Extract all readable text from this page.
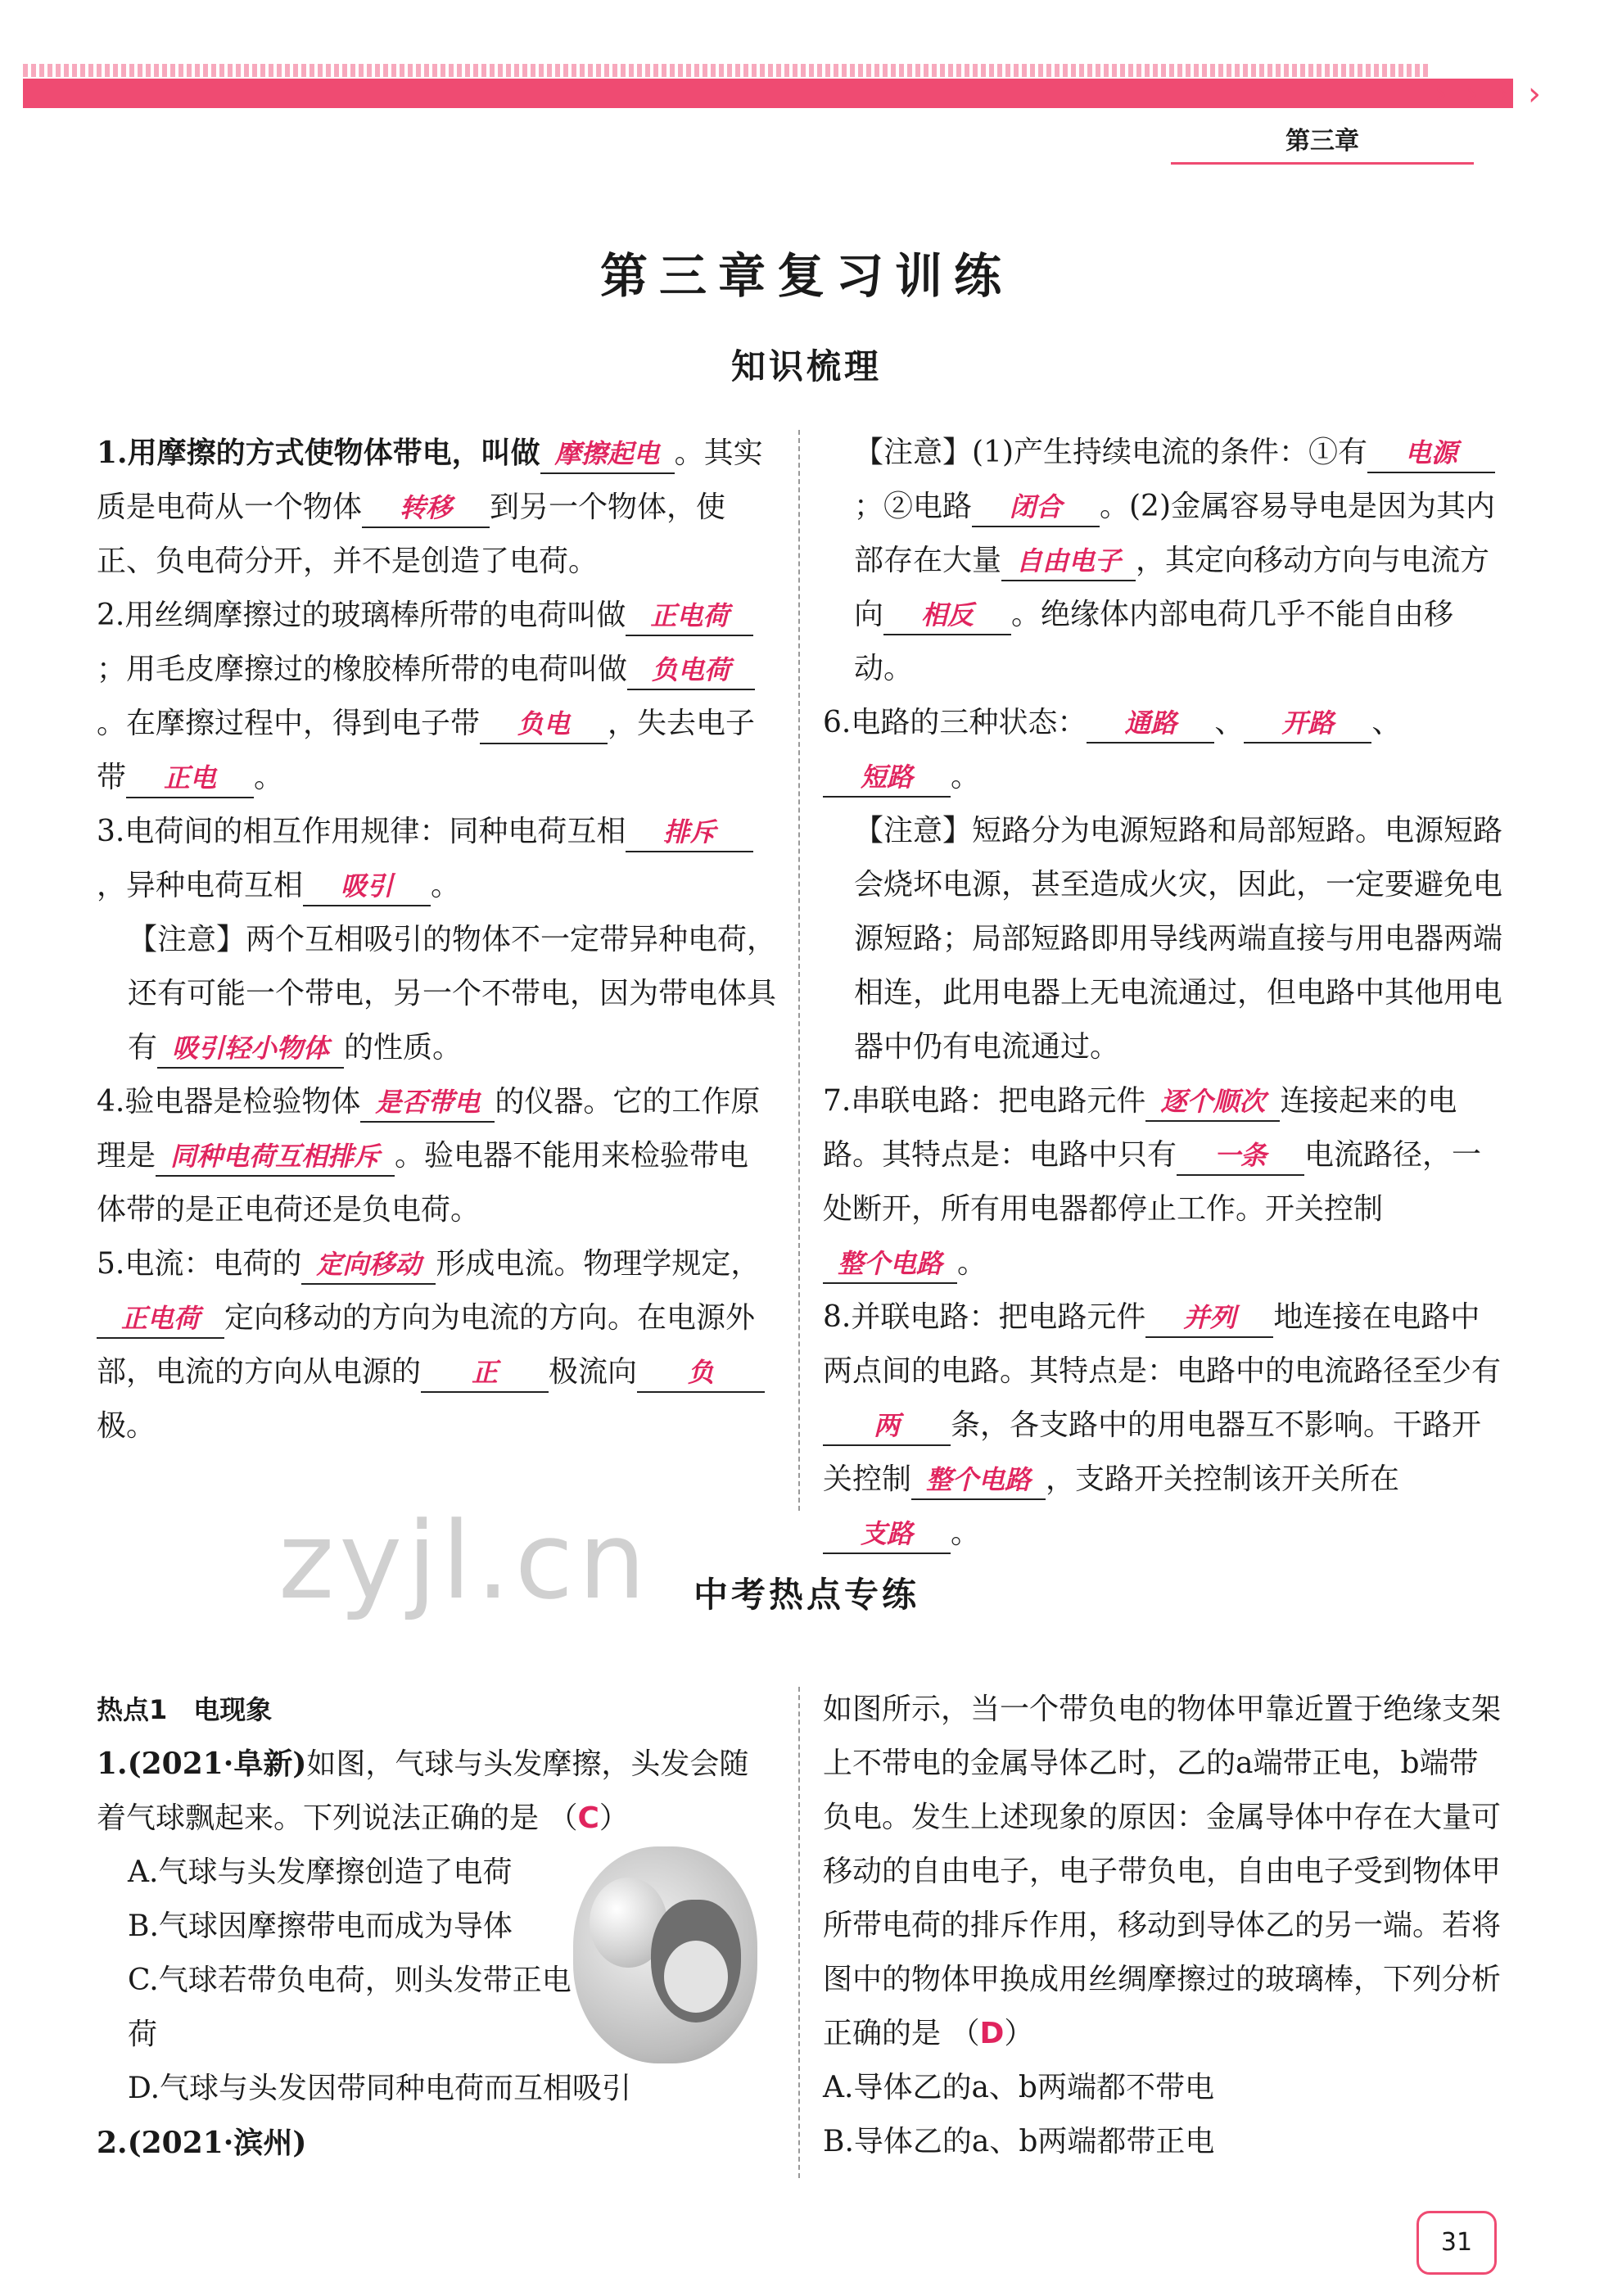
› › › ›
第三章
第三章复习训练
知识梳理

1.用摩擦的方式使物体带电，叫做 摩擦起电 。其实质是电荷从一个物体 转移 到另一个物体，使正、负电荷分开，并不是创造了电荷。

2.用丝绸摩擦过的玻璃棒所带的电荷叫做 正电荷；用毛皮摩擦过的橡胶棒所带的电荷叫做 负电荷。在摩擦过程中，得到电子带 负电 ，失去电子带 正电 。

3.电荷间的相互作用规律：同种电荷互相 排斥，异种电荷互相 吸引 。

【注意】两个互相吸引的物体不一定带异种电荷，还有可能一个带电，另一个不带电，因为带电体具有 吸引轻小物体 的性质。

4.验电器是检验物体 是否带电 的仪器。它的工作原理是 同种电荷互相排斥 。验电器不能用来检验带电体带的是正电荷还是负电荷。

5.电流：电荷的 定向移动 形成电流。物理学规定，正电荷 定向移动的方向为电流的方向。在电源外部，电流的方向从电源的 正 极流向 负极。

【注意】(1)产生持续电流的条件：①有 电源；②电路 闭合 。(2)金属容易导电是因为其内部存在大量 自由电子 ，其定向移动方向与电流方向 相反 。绝缘体内部电荷几乎不能自由移动。

6.电路的三种状态： 通路 、 开路 、短路 。

【注意】短路分为电源短路和局部短路。电源短路会烧坏电源，甚至造成火灾，因此，一定要避免电源短路；局部短路即用导线两端直接与用电器两端相连，此用电器上无电流通过，但电路中其他用电器中仍有电流通过。

7.串联电路：把电路元件 逐个顺次 连接起来的电路。其特点是：电路中只有 一条 电流路径，一处断开，所有用电器都停止工作。开关控制整个电路 。

8.并联电路：把电路元件 并列 地连接在电路中两点间的电路。其特点是：电路中的电流路径至少有两 条，各支路中的用电器互不影响。干路开关控制 整个电路 ，支路开关控制该开关所在支路 。

zyjl.cn	中考热点专练

热点1　电现象

1.(2021·阜新)如图，气球与头发摩擦，头发会随着气球飘起来。下列说法正确的是 （C）

A.气球与头发摩擦创造了电荷

B.气球因摩擦带电而成为导体

C.气球若带负电荷，则头发带正电荷

D.气球与头发因带同种电荷而互相吸引

2.(2021·滨州)

如图所示，当一个带负电的物体甲靠近置于绝缘支架上不带电的金属导体乙时，乙的a端带正电，b端带负电。发生上述现象的原因：金属导体中存在大量可移动的自由电子，电子带负电，自由电子受到物体甲所带电荷的排斥作用，移动到导体乙的另一端。若将图中的物体甲换成用丝绸摩擦过的玻璃棒，下列分析正确的是 （D）

A.导体乙的a、b两端都不带电

B.导体乙的a、b两端都带正电

31
